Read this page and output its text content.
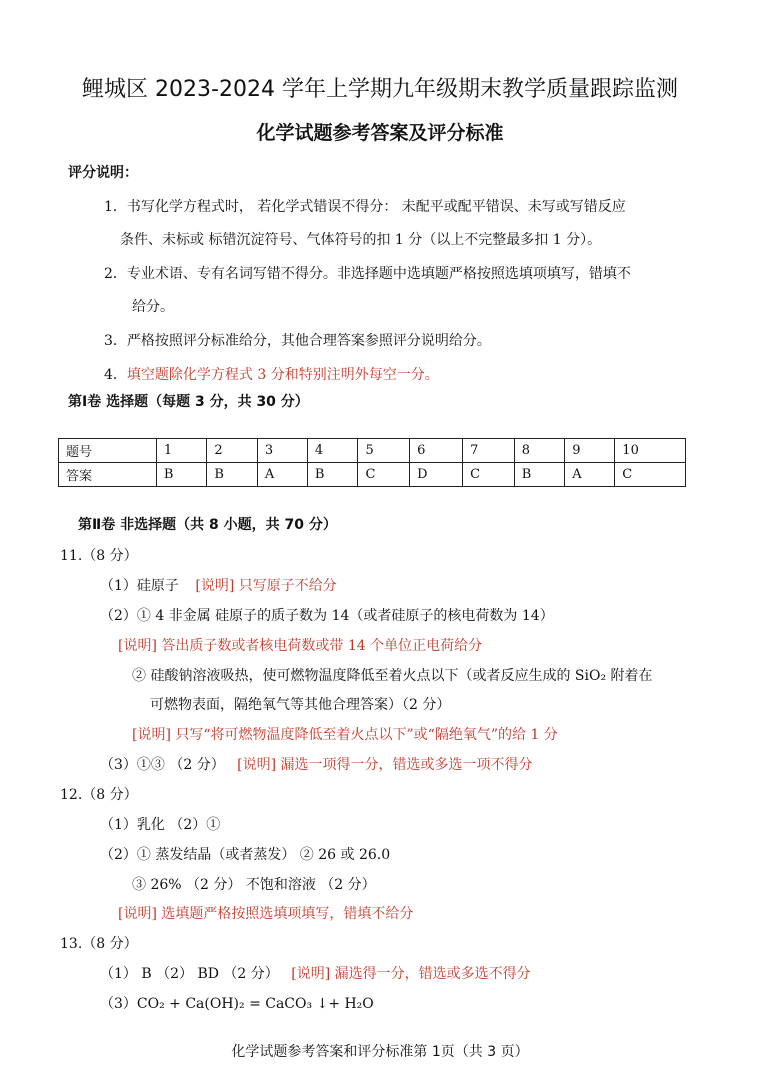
鲤城区 2023-2024 学年上学期九年级期末教学质量跟踪监测
化学试题参考答案及评分标准
评分说明：
1．书写化学方程式时， 若化学式错误不得分： 未配平或配平错误、未写或写错反应
条件、未标或 标错沉淀符号、气体符号的扣 1 分（以上不完整最多扣 1 分）。
2．专业术语、专有名词写错不得分。非选择题中选填题严格按照选填项填写，错填不
给分。
3．严格按照评分标准给分，其他合理答案参照评分说明给分。
4．填空题除化学方程式 3 分和特别注明外每空一分。
第Ⅰ卷 选择题（每题 3 分，共 30 分）
题号	1	2	3	4	5	6	7	8	9	10
答案	B	B	A	B	C	D	C	B	A	C
第Ⅱ卷 非选择题（共 8 小题，共 70 分）
11.（8 分）
（1）硅原子 [说明] 只写原子不给分
（2）① 4 非金属 硅原子的质子数为 14（或者硅原子的核电荷数为 14）
[说明] 答出质子数或者核电荷数或带 14 个单位正电荷给分
② 硅酸钠溶液吸热，使可燃物温度降低至着火点以下（或者反应生成的 SiO₂ 附着在
可燃物表面，隔绝氧气等其他合理答案）（2 分）
[说明] 只写“将可燃物温度降低至着火点以下”或“隔绝氧气”的给 1 分
（3）①③ （2 分） [说明] 漏选一项得一分，错选或多选一项不得分
12.（8 分）
（1）乳化 （2）①
（2）① 蒸发结晶（或者蒸发） ② 26 或 26.0
③ 26% （2 分） 不饱和溶液 （2 分）
[说明] 选填题严格按照选填项填写，错填不给分
13.（8 分）
（1） B （2） BD （2 分） [说明] 漏选得一分，错选或多选不得分
（3）CO₂ + Ca(OH)₂ = CaCO₃ ↓+ H₂O
化学试题参考答案和评分标准第 1页（共 3 页）
